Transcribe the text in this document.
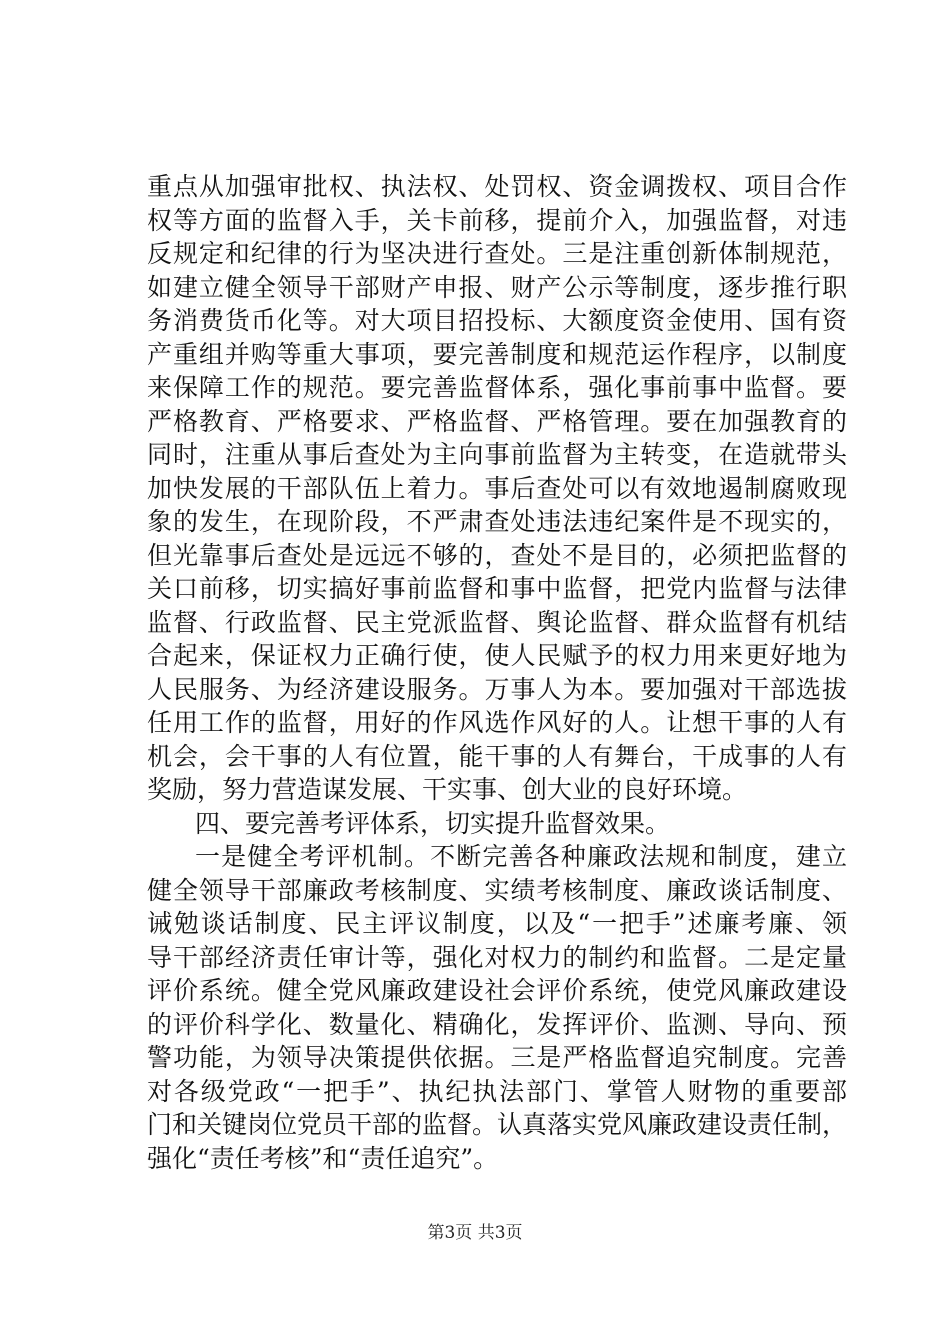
重点从加强审批权、执法权、处罚权、资金调拨权、项目合作
权等方面的监督入手，关卡前移，提前介入，加强监督，对违
反规定和纪律的行为坚决进行查处。三是注重创新体制规范，
如建立健全领导干部财产申报、财产公示等制度，逐步推行职
务消费货币化等。对大项目招投标、大额度资金使用、国有资
产重组并购等重大事项，要完善制度和规范运作程序，以制度
来保障工作的规范。要完善监督体系，强化事前事中监督。要
严格教育、严格要求、严格监督、严格管理。要在加强教育的
同时，注重从事后查处为主向事前监督为主转变，在造就带头
加快发展的干部队伍上着力。事后查处可以有效地遏制腐败现
象的发生，在现阶段，不严肃查处违法违纪案件是不现实的，
但光靠事后查处是远远不够的，查处不是目的，必须把监督的
关口前移，切实搞好事前监督和事中监督，把党内监督与法律
监督、行政监督、民主党派监督、舆论监督、群众监督有机结
合起来，保证权力正确行使，使人民赋予的权力用来更好地为
人民服务、为经济建设服务。万事人为本。要加强对干部选拔
任用工作的监督，用好的作风选作风好的人。让想干事的人有
机会，会干事的人有位置，能干事的人有舞台，干成事的人有
奖励，努力营造谋发展、干实事、创大业的良好环境。
四、要完善考评体系，切实提升监督效果。
一是健全考评机制。不断完善各种廉政法规和制度，建立
健全领导干部廉政考核制度、实绩考核制度、廉政谈话制度、
诫勉谈话制度、民主评议制度，以及“一把手”述廉考廉、领
导干部经济责任审计等，强化对权力的制约和监督。二是定量
评价系统。健全党风廉政建设社会评价系统，使党风廉政建设
的评价科学化、数量化、精确化，发挥评价、监测、导向、预
警功能，为领导决策提供依据。三是严格监督追究制度。完善
对各级党政“一把手”、执纪执法部门、掌管人财物的重要部
门和关键岗位党员干部的监督。认真落实党风廉政建设责任制，
强化“责任考核”和“责任追究”。
第3页 共3页
